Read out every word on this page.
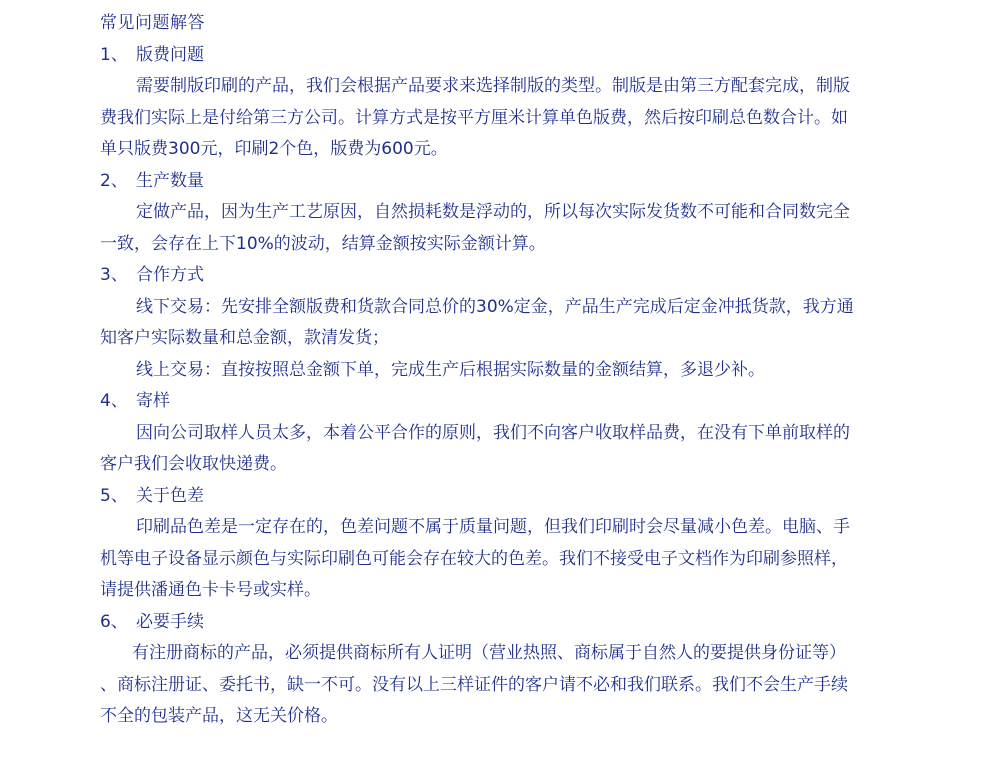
常见问题解答
1、 版费问题
需要制版印刷的产品，我们会根据产品要求来选择制版的类型。制版是由第三方配套完成，制版
费我们实际上是付给第三方公司。计算方式是按平方厘米计算单色版费，然后按印刷总色数合计。如
单只版费300元，印刷2个色，版费为600元。
2、 生产数量
定做产品，因为生产工艺原因，自然损耗数是浮动的，所以每次实际发货数不可能和合同数完全
一致，会存在上下10%的波动，结算金额按实际金额计算。
3、 合作方式
线下交易：先安排全额版费和货款合同总价的30%定金，产品生产完成后定金冲抵货款，我方通
知客户实际数量和总金额，款清发货；
线上交易：直按按照总金额下单，完成生产后根据实际数量的金额结算，多退少补。
4、 寄样
因向公司取样人员太多，本着公平合作的原则，我们不向客户收取样品费，在没有下单前取样的
客户我们会收取快递费。
5、 关于色差
印刷品色差是一定存在的，色差问题不属于质量问题，但我们印刷时会尽量减小色差。电脑、手
机等电子设备显示颜色与实际印刷色可能会存在较大的色差。我们不接受电子文档作为印刷参照样，
请提供潘通色卡卡号或实样。
6、 必要手续
有注册商标的产品，必须提供商标所有人证明（营业热照、商标属于自然人的要提供身份证等）
、商标注册证、委托书，缺一不可。没有以上三样证件的客户请不必和我们联系。我们不会生产手续
不全的包装产品，这无关价格。
